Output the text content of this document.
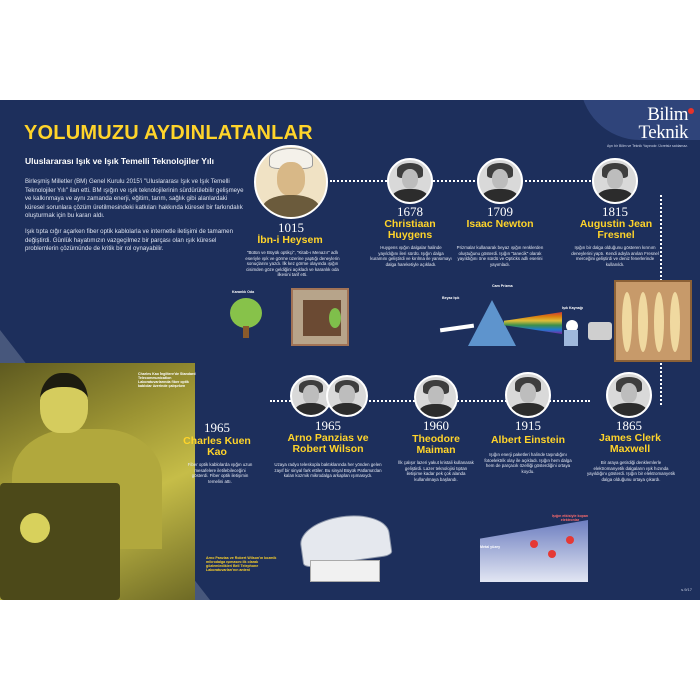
Bilim
Teknik
Ayrı bir Bilim ve Teknik Yayınıdır. Ücretsiz satılamaz.
YOLUMUZU AYDINLATANLAR
Uluslararası Işık ve Işık Temelli Teknolojiler Yılı

Birleşmiş Milletler (BM) Genel Kurulu 2015'i "Uluslararası Işık ve Işık Temelli Teknolojiler Yılı" ilan etti. BM ışığın ve ışık teknolojilerinin sürdürülebilir gelişmeye ve kalkınmaya ve aynı zamanda enerji, eğitim, tarım, sağlık gibi alanlardaki küresel sorunlara çözüm üretilmesindeki katkıları hakkında küresel bir farkındalık oluşturmak için bu kararı aldı.

Işık tıpta cığır açarken fiber optik kablolarla ve internetle iletişimi de tamamen değiştirdi. Günlük hayatımızın vazgeçilmez bir parçası olan ışık küresel problemlerin çözümünde de kritik bir rol oynayabilir.

1015
İbn-i Heysem
"Bütün ve Büyük optikçi", "Kitab-ı Menazır" adlı eseriyle ışık ve görme üzerine yaptığı deneylerin sonuçlarını yazdı. İlk kez görme olayında ışığın cisimden göze geldiğini açıkladı ve karanlık oda ilkesini tarif etti.
Karanlık Oda
1678
Christiaan Huygens
Huygens ışığın dalgalar halinde yayıldığını ileri sürdü. Işığın dalga kuramını geliştirdi ve kırılma ile yansımayı dalga hareketiyle açıkladı.
1709
Isaac Newton
Prizmalar kullanarak beyaz ışığın renklerden oluştuğunu gösterdi. Işığın "tanecik" olarak yayıldığını öne sürdü ve Opticks adlı eserini yayımladı.
Beyaz Işık
Cam Prizma
1815
Augustin Jean Fresnel
Işığın bir dalga olduğunu gösteren kırınım deneylerini yaptı. Kendi adıyla anılan Fresnel merceğini geliştirdi ve deniz fenerlerinde kullanıldı.
Işık Kaynağı
1865
James Clerk Maxwell
Bir araya getirdiği denklemlerle elektromanyetik dalgaların ışık hızında yayıldığını gösterdi. Işığın bir elektromanyetik dalga olduğunu ortaya çıkardı.
1915
Albert Einstein
Işığın enerji paketleri halinde taşındığını fotoelektrik olay ile açıkladı. Işığın hem dalga hem de parçacık özelliği gösterdiğini ortaya koydu.
Metal yüzey
Işığın etkisiyle kopan elektronlar
1960
Theodore Maiman
İlk çalışır lazeri yakut kristali kullanarak geliştirdi. Lazer teknolojisi tıptan iletişime kadar pek çok alanda kullanılmaya başlandı.
1965
Arno Panzias ve Robert Wilson
Uzaya radyo teleskopla baktıklarında her yönden gelen zayıf bir sinyal fark ettiler. Bu sinyal Büyük Patlama'dan kalan kozmik mikrodalga arkaplan ışımasıydı.
Arno Panzias ve Robert Wilson'ın kozmik mikrodalga ışımasını ilk olarak gözlemledikleri Bell Telephone Laboratuvarları'nın anteni
Charles Kao İngiltere'de Standard Telecommunication Laboratuvarlarında fiber optik kablolar üzerinde çalışırken
1965
Charles Kuen Kao
Fiber optik kablolarda ışığın uzun mesafelere iletilebileceğini gösterdi. Fiber optik iletişimin temelini attı.
s.9/17
